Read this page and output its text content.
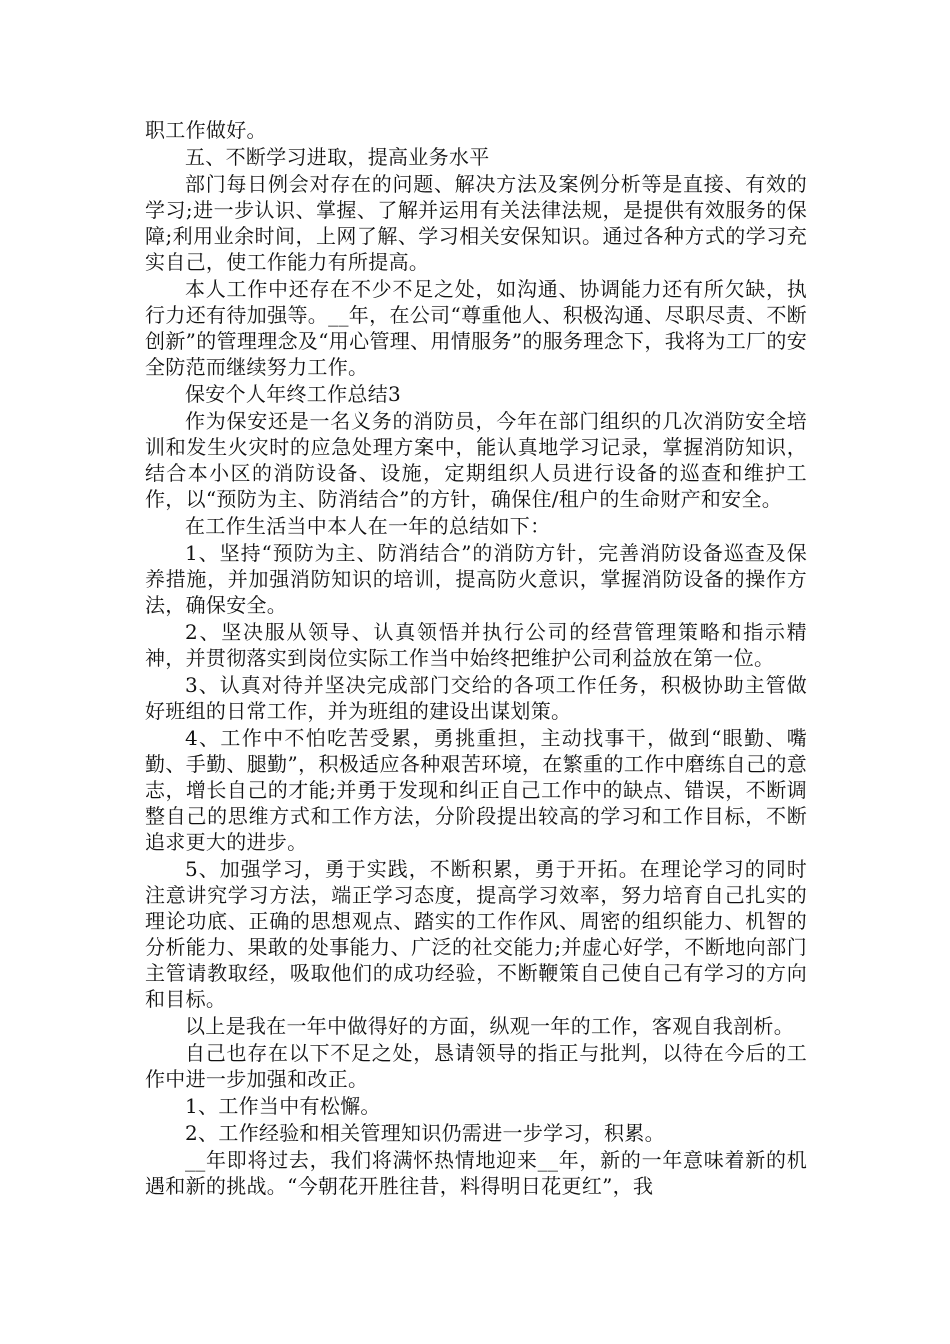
职工作做好。

五、不断学习进取，提高业务水平

部门每日例会对存在的问题、解决方法及案例分析等是直接、有效的学习;进一步认识、掌握、了解并运用有关法律法规，是提供有效服务的保障;利用业余时间，上网了解、学习相关安保知识。通过各种方式的学习充实自己，使工作能力有所提高。

本人工作中还存在不少不足之处，如沟通、协调能力还有所欠缺，执行力还有待加强等。__年，在公司“尊重他人、积极沟通、尽职尽责、不断创新”的管理理念及“用心管理、用情服务”的服务理念下，我将为工厂的安全防范而继续努力工作。

保安个人年终工作总结3

作为保安还是一名义务的消防员，今年在部门组织的几次消防安全培训和发生火灾时的应急处理方案中，能认真地学习记录，掌握消防知识，结合本小区的消防设备、设施，定期组织人员进行设备的巡查和维护工作，以“预防为主、防消结合”的方针，确保住/租户的生命财产和安全。

在工作生活当中本人在一年的总结如下：

1、坚持“预防为主、防消结合”的消防方针，完善消防设备巡查及保养措施，并加强消防知识的培训，提高防火意识，掌握消防设备的操作方法，确保安全。

2、坚决服从领导、认真领悟并执行公司的经营管理策略和指示精神，并贯彻落实到岗位实际工作当中始终把维护公司利益放在第一位。

3、认真对待并坚决完成部门交给的各项工作任务，积极协助主管做好班组的日常工作，并为班组的建设出谋划策。

4、工作中不怕吃苦受累，勇挑重担，主动找事干，做到“眼勤、嘴勤、手勤、腿勤”，积极适应各种艰苦环境，在繁重的工作中磨练自己的意志，增长自己的才能;并勇于发现和纠正自己工作中的缺点、错误，不断调整自己的思维方式和工作方法，分阶段提出较高的学习和工作目标，不断追求更大的进步。

5、加强学习，勇于实践，不断积累，勇于开拓。在理论学习的同时注意讲究学习方法，端正学习态度，提高学习效率，努力培育自己扎实的理论功底、正确的思想观点、踏实的工作作风、周密的组织能力、机智的分析能力、果敢的处事能力、广泛的社交能力;并虚心好学，不断地向部门主管请教取经，吸取他们的成功经验，不断鞭策自己使自己有学习的方向和目标。

以上是我在一年中做得好的方面，纵观一年的工作，客观自我剖析。

自己也存在以下不足之处，恳请领导的指正与批判，以待在今后的工作中进一步加强和改正。

1、工作当中有松懈。

2、工作经验和相关管理知识仍需进一步学习，积累。

__年即将过去，我们将满怀热情地迎来__年，新的一年意味着新的机遇和新的挑战。“今朝花开胜往昔，料得明日花更红”，我
